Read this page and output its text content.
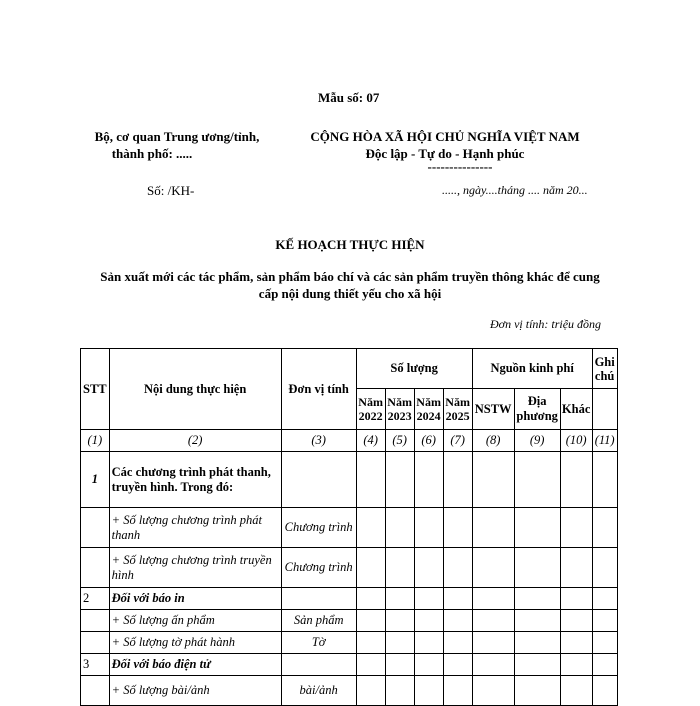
Mẫu số: 07
Bộ, cơ quan Trung ương/tỉnh,
thành phố: .....
CỘNG HÒA XÃ HỘI CHỦ NGHĨA VIỆT NAM
Độc lập - Tự do - Hạnh phúc
---------------
Số: /KH-	....., ngày....tháng .... năm 20...
KẾ HOẠCH THỰC HIỆN
Sản xuất mới các tác phẩm, sản phẩm báo chí và các sản phẩm truyền thông khác để cung
cấp nội dung thiết yếu cho xã hội
Đơn vị tính: triệu đồng
STT	Nội dung thực hiện	Đơn vị tính	Số lượng				Nguồn kinh phí			Ghi chú
			Năm 2022	Năm 2023	Năm 2024	Năm 2025	NSTW	Địa phương	Khác	
(1)	(2)	(3)	(4)	(5)	(6)	(7)	(8)	(9)	(10)	(11)
1	Các chương trình phát thanh, truyền hình. Trong đó:									
	+ Số lượng chương trình phát thanh	Chương trình								
	+ Số lượng chương trình truyền hình	Chương trình								
2	Đối với báo in									
	+ Số lượng ấn phẩm	Sản phẩm								
	+ Số lượng tờ phát hành	Tờ								
3	Đối với báo điện tử									
	+ Số lượng bài/ảnh	bài/ảnh								
